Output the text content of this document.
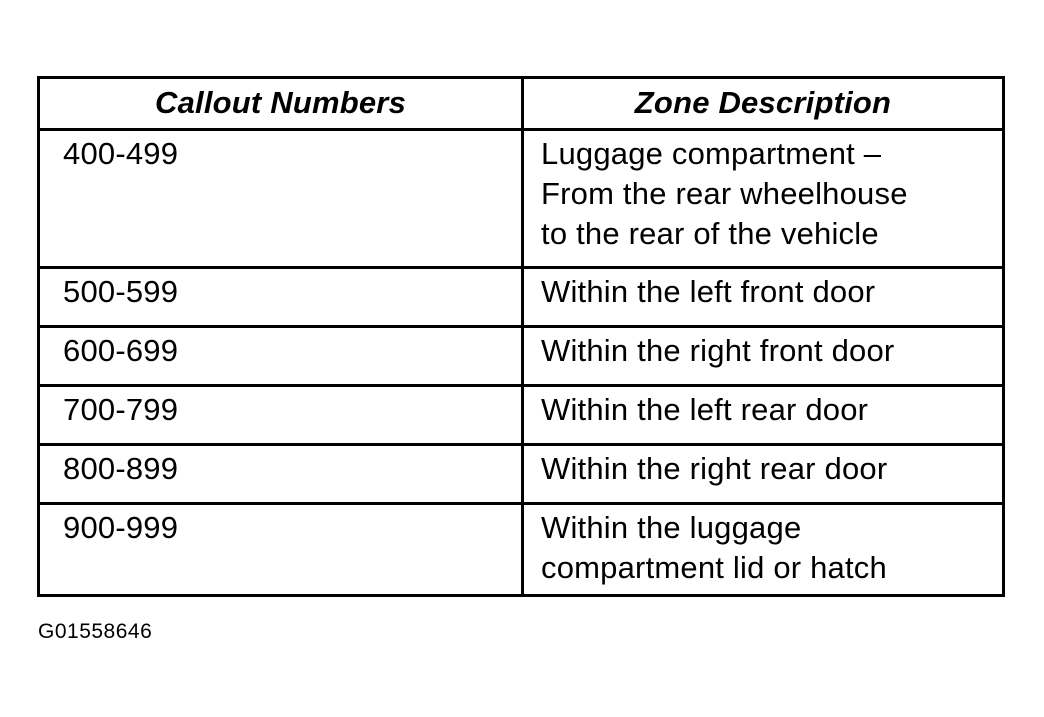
Callout Numbers	Zone Description
400-499	Luggage compartment –
From the rear wheelhouse
to the rear of the vehicle
500-599	Within the left front door
600-699	Within the right front door
700-799	Within the left rear door
800-899	Within the right rear door
900-999	Within the luggage
compartment lid or hatch
G01558646
